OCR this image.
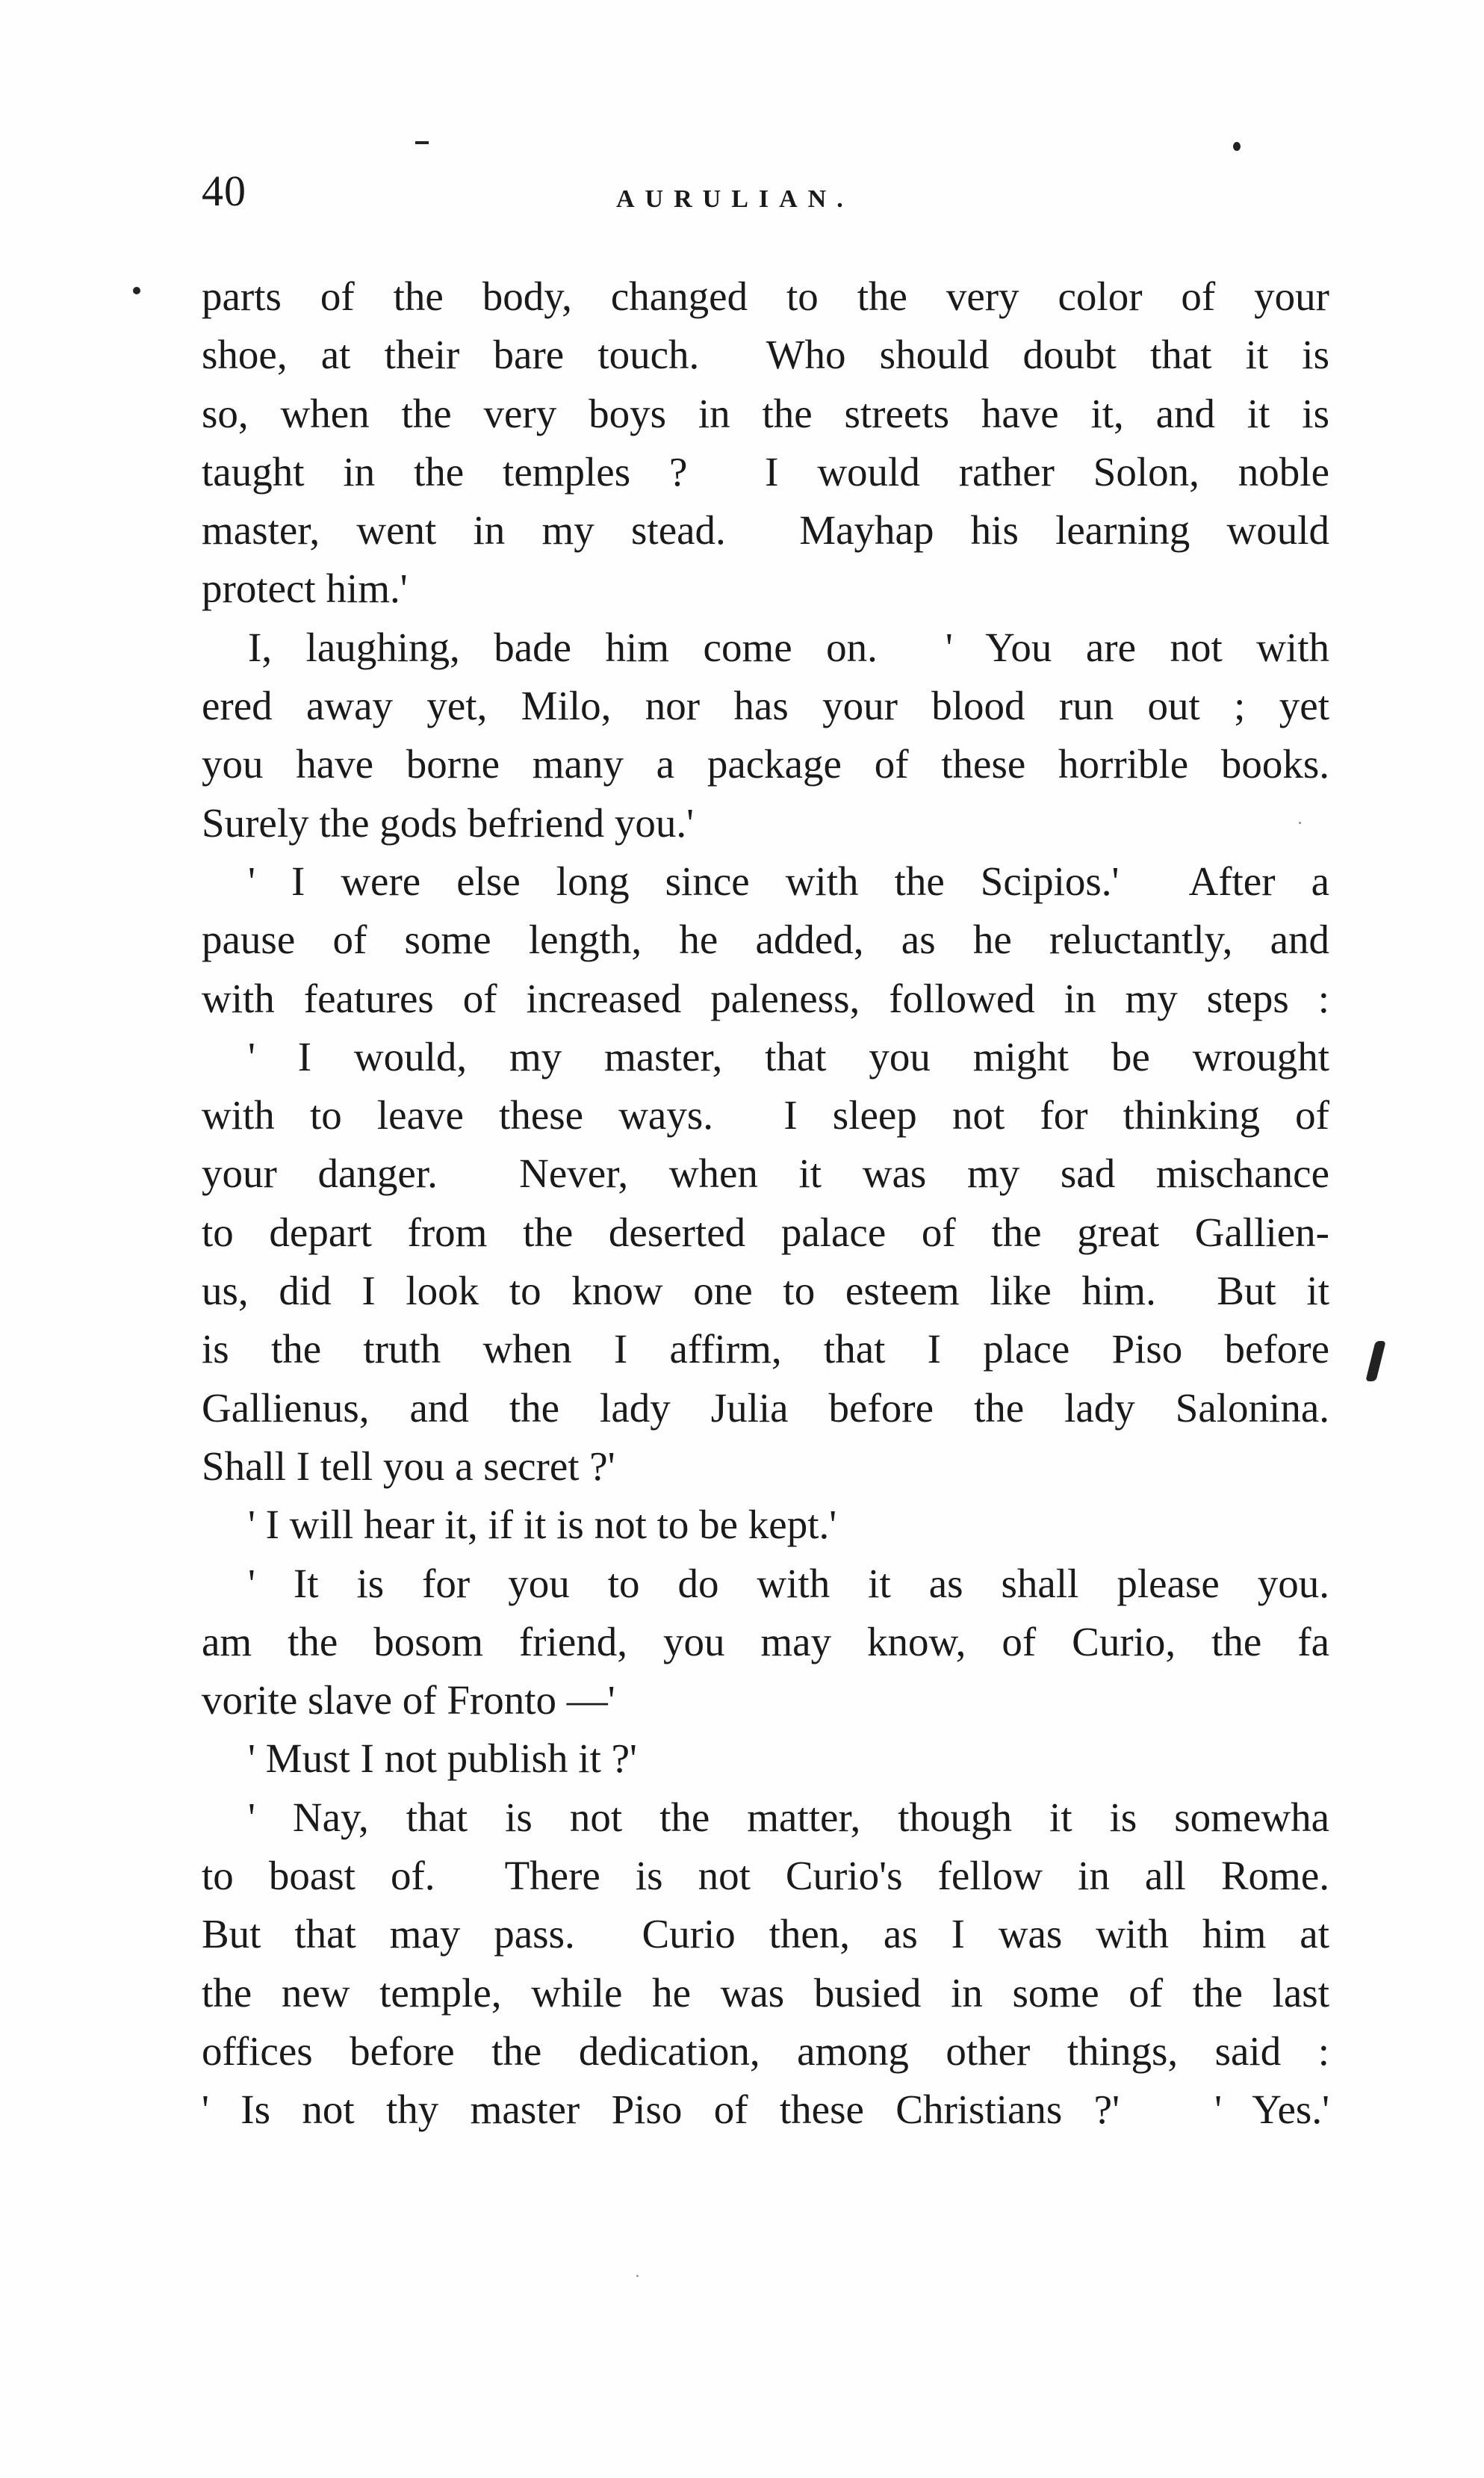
40	AURULIAN.
parts of the body, changed to the very color of your
shoe, at their bare touch.  Who should doubt that it is
so, when the very boys in the streets have it, and it is
taught in the temples ?  I would rather Solon, noble
master, went in my stead.  Mayhap his learning would
protect him.'
I, laughing, bade him come on.  ' You are not with
ered away yet, Milo, nor has your blood run out ; yet
you have borne many a package of these horrible books.
Surely the gods befriend you.'
' I were else long since with the Scipios.'  After a
pause of some length, he added, as he reluctantly, and
with features of increased paleness, followed in my steps :
' I would, my master, that you might be wrought
with to leave these ways.  I sleep not for thinking of
your danger.  Never, when it was my sad mischance
to depart from the deserted palace of the great Gallien-
us, did I look to know one to esteem like him.  But it
is the truth when I affirm, that I place Piso before
Gallienus, and the lady Julia before the lady Salonina.
Shall I tell you a secret ?'
' I will hear it, if it is not to be kept.'
' It is for you to do with it as shall please you.
am the bosom friend, you may know, of Curio, the fa
vorite slave of Fronto —'
' Must I not publish it ?'
' Nay, that is not the matter, though it is somewha
to boast of.  There is not Curio's fellow in all Rome.
But that may pass.  Curio then, as I was with him at
the new temple, while he was busied in some of the last
offices before the dedication, among other things, said :
' Is not thy master Piso of these Christians ?'   ' Yes.'
